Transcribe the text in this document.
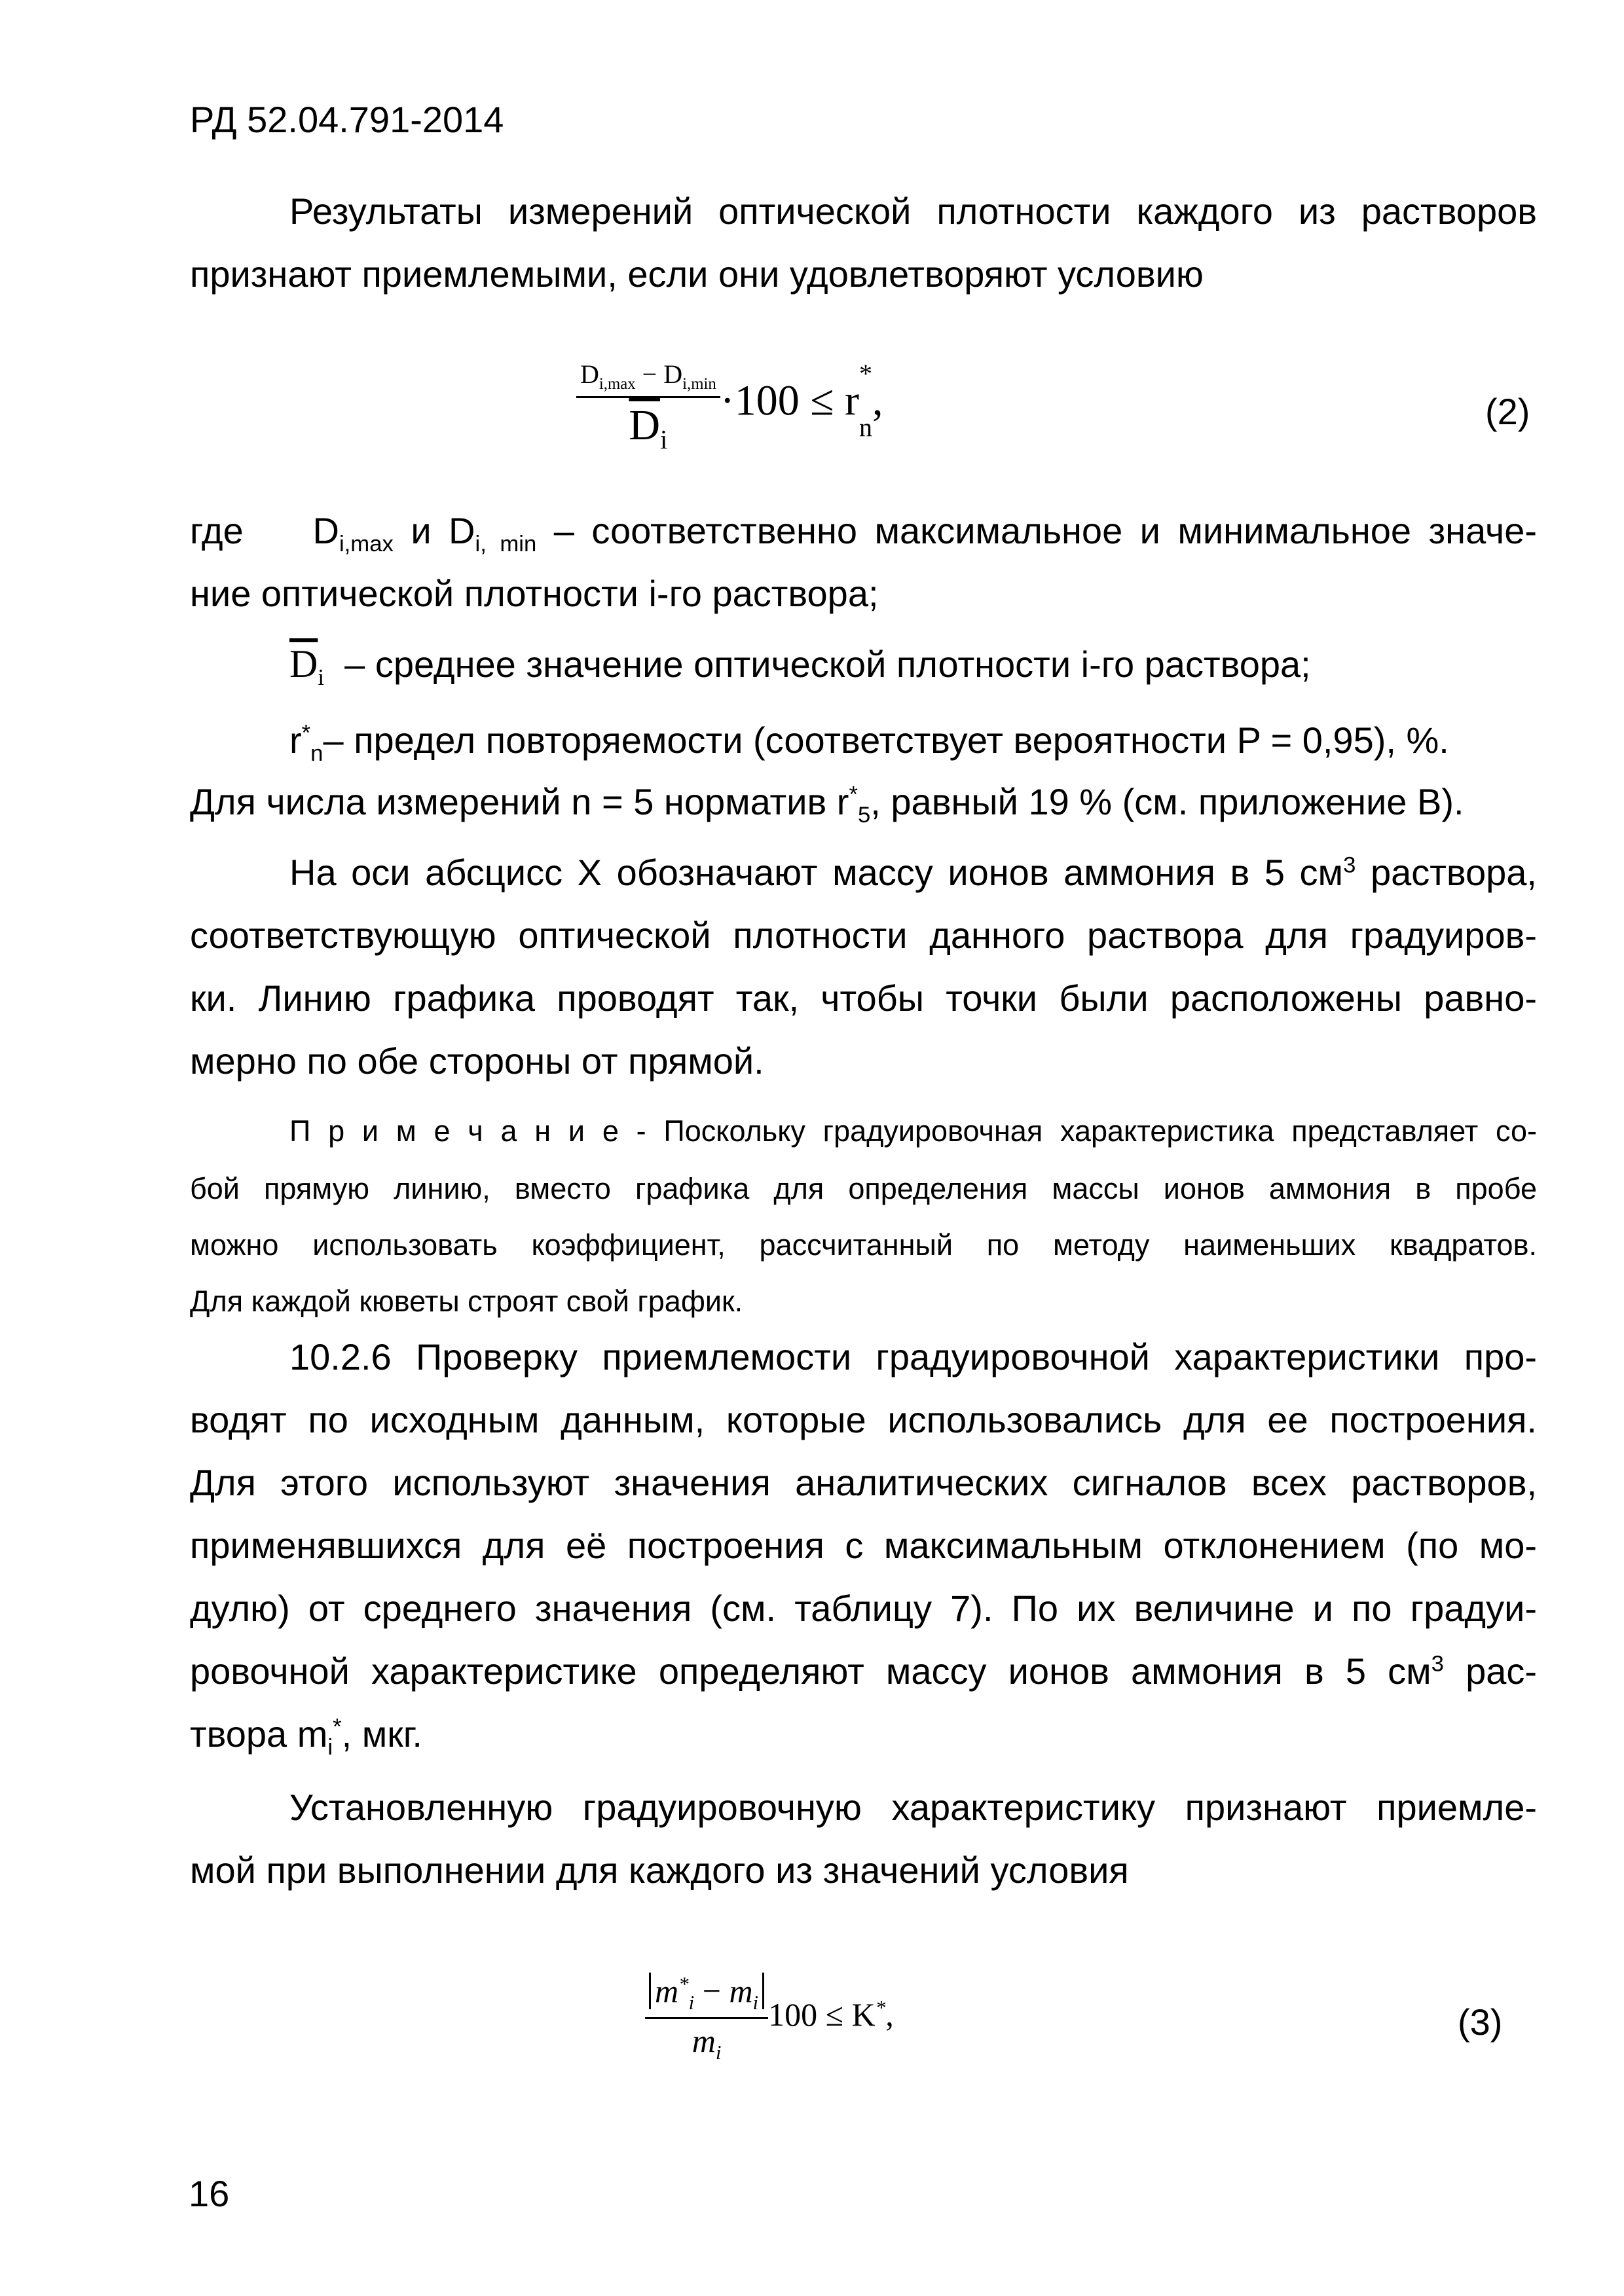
РД 52.04.791-2014
Результаты измерений оптической плотности каждого из растворов
признают приемлемыми, если они удовлетворяют условию
$\frac{D_{i,max} - D_{i,min}}{\overline{D}_i} \cdot 100 \le r$
*
$_n$,	(2)
где $D_{i,max}$ и $D_{i, min}$ – соответственно максимальное и минимальное значе-
ние оптической плотности i-го раствора;
$\overline{D}_i$ – среднее значение оптической плотности i-го раствора;
$r^*_n-$ предел повторяемости (соответствует вероятности P = 0,95), %.
Для числа измерений n = 5 норматив $r^*_5$, равный 19 % (см. приложение В).
На оси абсцисс X обозначают массу ионов аммония в 5 $см^3$ раствора,
соответствующую оптической плотности данного раствора для градуиров-
ки. Линию графика проводят так, чтобы точки были расположены равно-
мерно по обе стороны от прямой.
П р и м е ч а н и е - Поскольку градуировочная характеристика представляет со-
бой прямую линию, вместо графика для определения массы ионов аммония в пробе
можно использовать коэффициент, рассчитанный по методу наименьших квадратов.
Для каждой кюветы строят свой график.
10.2.6 Проверку приемлемости градуировочной характеристики про-
водят по исходным данным, которые использовались для ее построения.
Для этого используют значения аналитических сигналов всех растворов,
применявшихся для её построения с максимальным отклонением (по мо-
дулю) от среднего значения (см. таблицу 7). По их величине и по градуи-
ровочной характеристике определяют массу ионов аммония в 5 $см^3$ рас-
твора $m_i^*$, мкг.
Установленную градуировочную характеристику признают приемле-
мой при выполнении для каждого из значений условия
$\frac{m^*_i - m_i}{m_i} 100 \le K^*$,	(3)
16
